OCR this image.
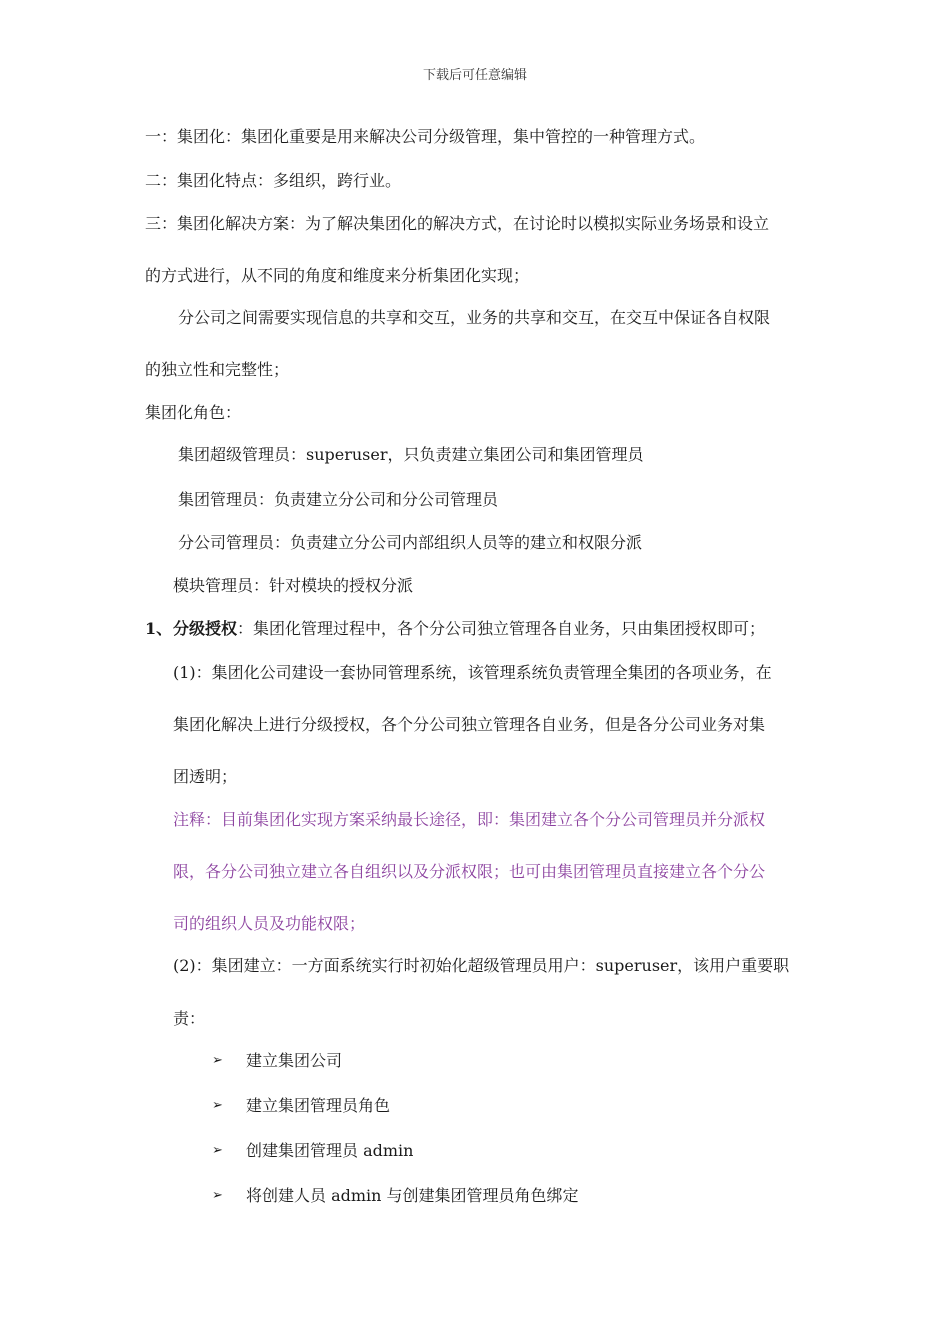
下载后可任意编辑
一：集团化：集团化重要是用来解决公司分级管理，集中管控的一种管理方式。
二：集团化特点：多组织，跨行业。
三：集团化解决方案：为了解决集团化的解决方式，在讨论时以模拟实际业务场景和设立
的方式进行，从不同的角度和维度来分析集团化实现；
分公司之间需要实现信息的共享和交互，业务的共享和交互，在交互中保证各自权限
的独立性和完整性；
集团化角色：
集团超级管理员：superuser，只负责建立集团公司和集团管理员
集团管理员：负责建立分公司和分公司管理员
分公司管理员：负责建立分公司内部组织人员等的建立和权限分派
模块管理员：针对模块的授权分派
1、分级授权：集团化管理过程中，各个分公司独立管理各自业务，只由集团授权即可；
(1)：集团化公司建设一套协同管理系统，该管理系统负责管理全集团的各项业务，在
集团化解决上进行分级授权，各个分公司独立管理各自业务，但是各分公司业务对集
团透明；
注释：目前集团化实现方案采纳最长途径，即：集团建立各个分公司管理员并分派权
限，各分公司独立建立各自组织以及分派权限；也可由集团管理员直接建立各个分公
司的组织人员及功能权限；
(2)：集团建立：一方面系统实行时初始化超级管理员用户：superuser，该用户重要职
责：
➢ 建立集团公司
➢ 建立集团管理员角色
➢ 创建集团管理员 admin
➢ 将创建人员 admin 与创建集团管理员角色绑定
